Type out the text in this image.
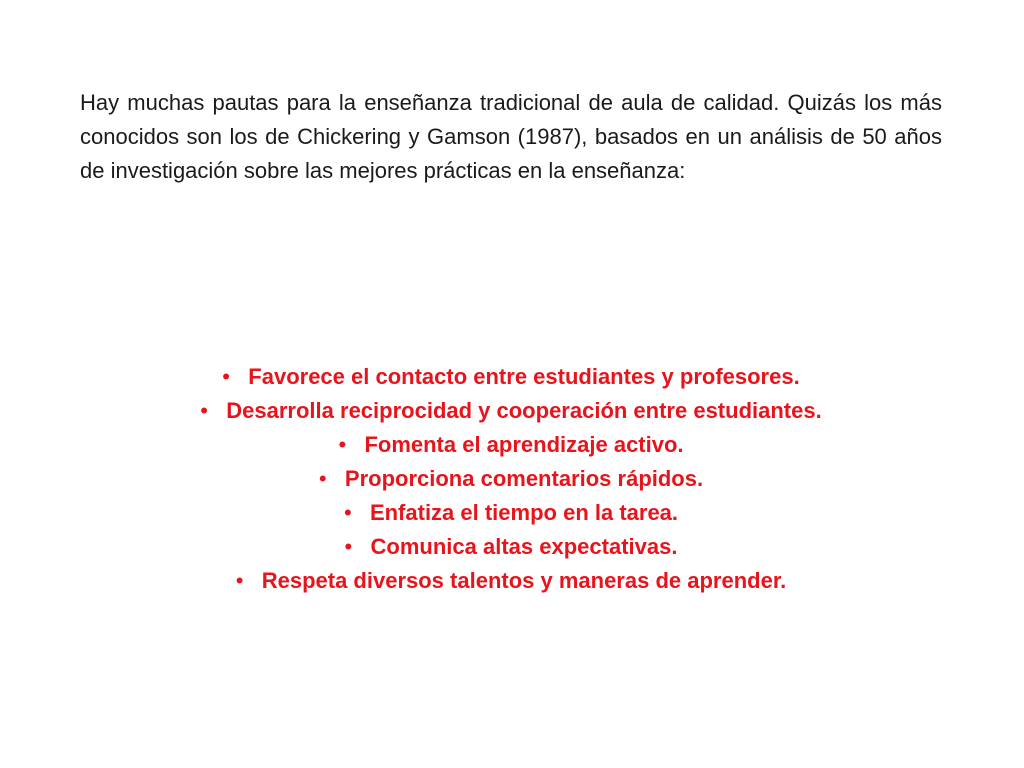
Hay muchas pautas para la enseñanza tradicional de aula de calidad. Quizás los más conocidos son los de Chickering y Gamson (1987), basados en un análisis de 50 años de investigación sobre las mejores prácticas en la enseñanza:

• Favorece el contacto entre estudiantes y profesores.
• Desarrolla reciprocidad y cooperación entre estudiantes.
• Fomenta el aprendizaje activo.
• Proporciona comentarios rápidos.
• Enfatiza el tiempo en la tarea.
• Comunica altas expectativas.
• Respeta diversos talentos y maneras de aprender.
